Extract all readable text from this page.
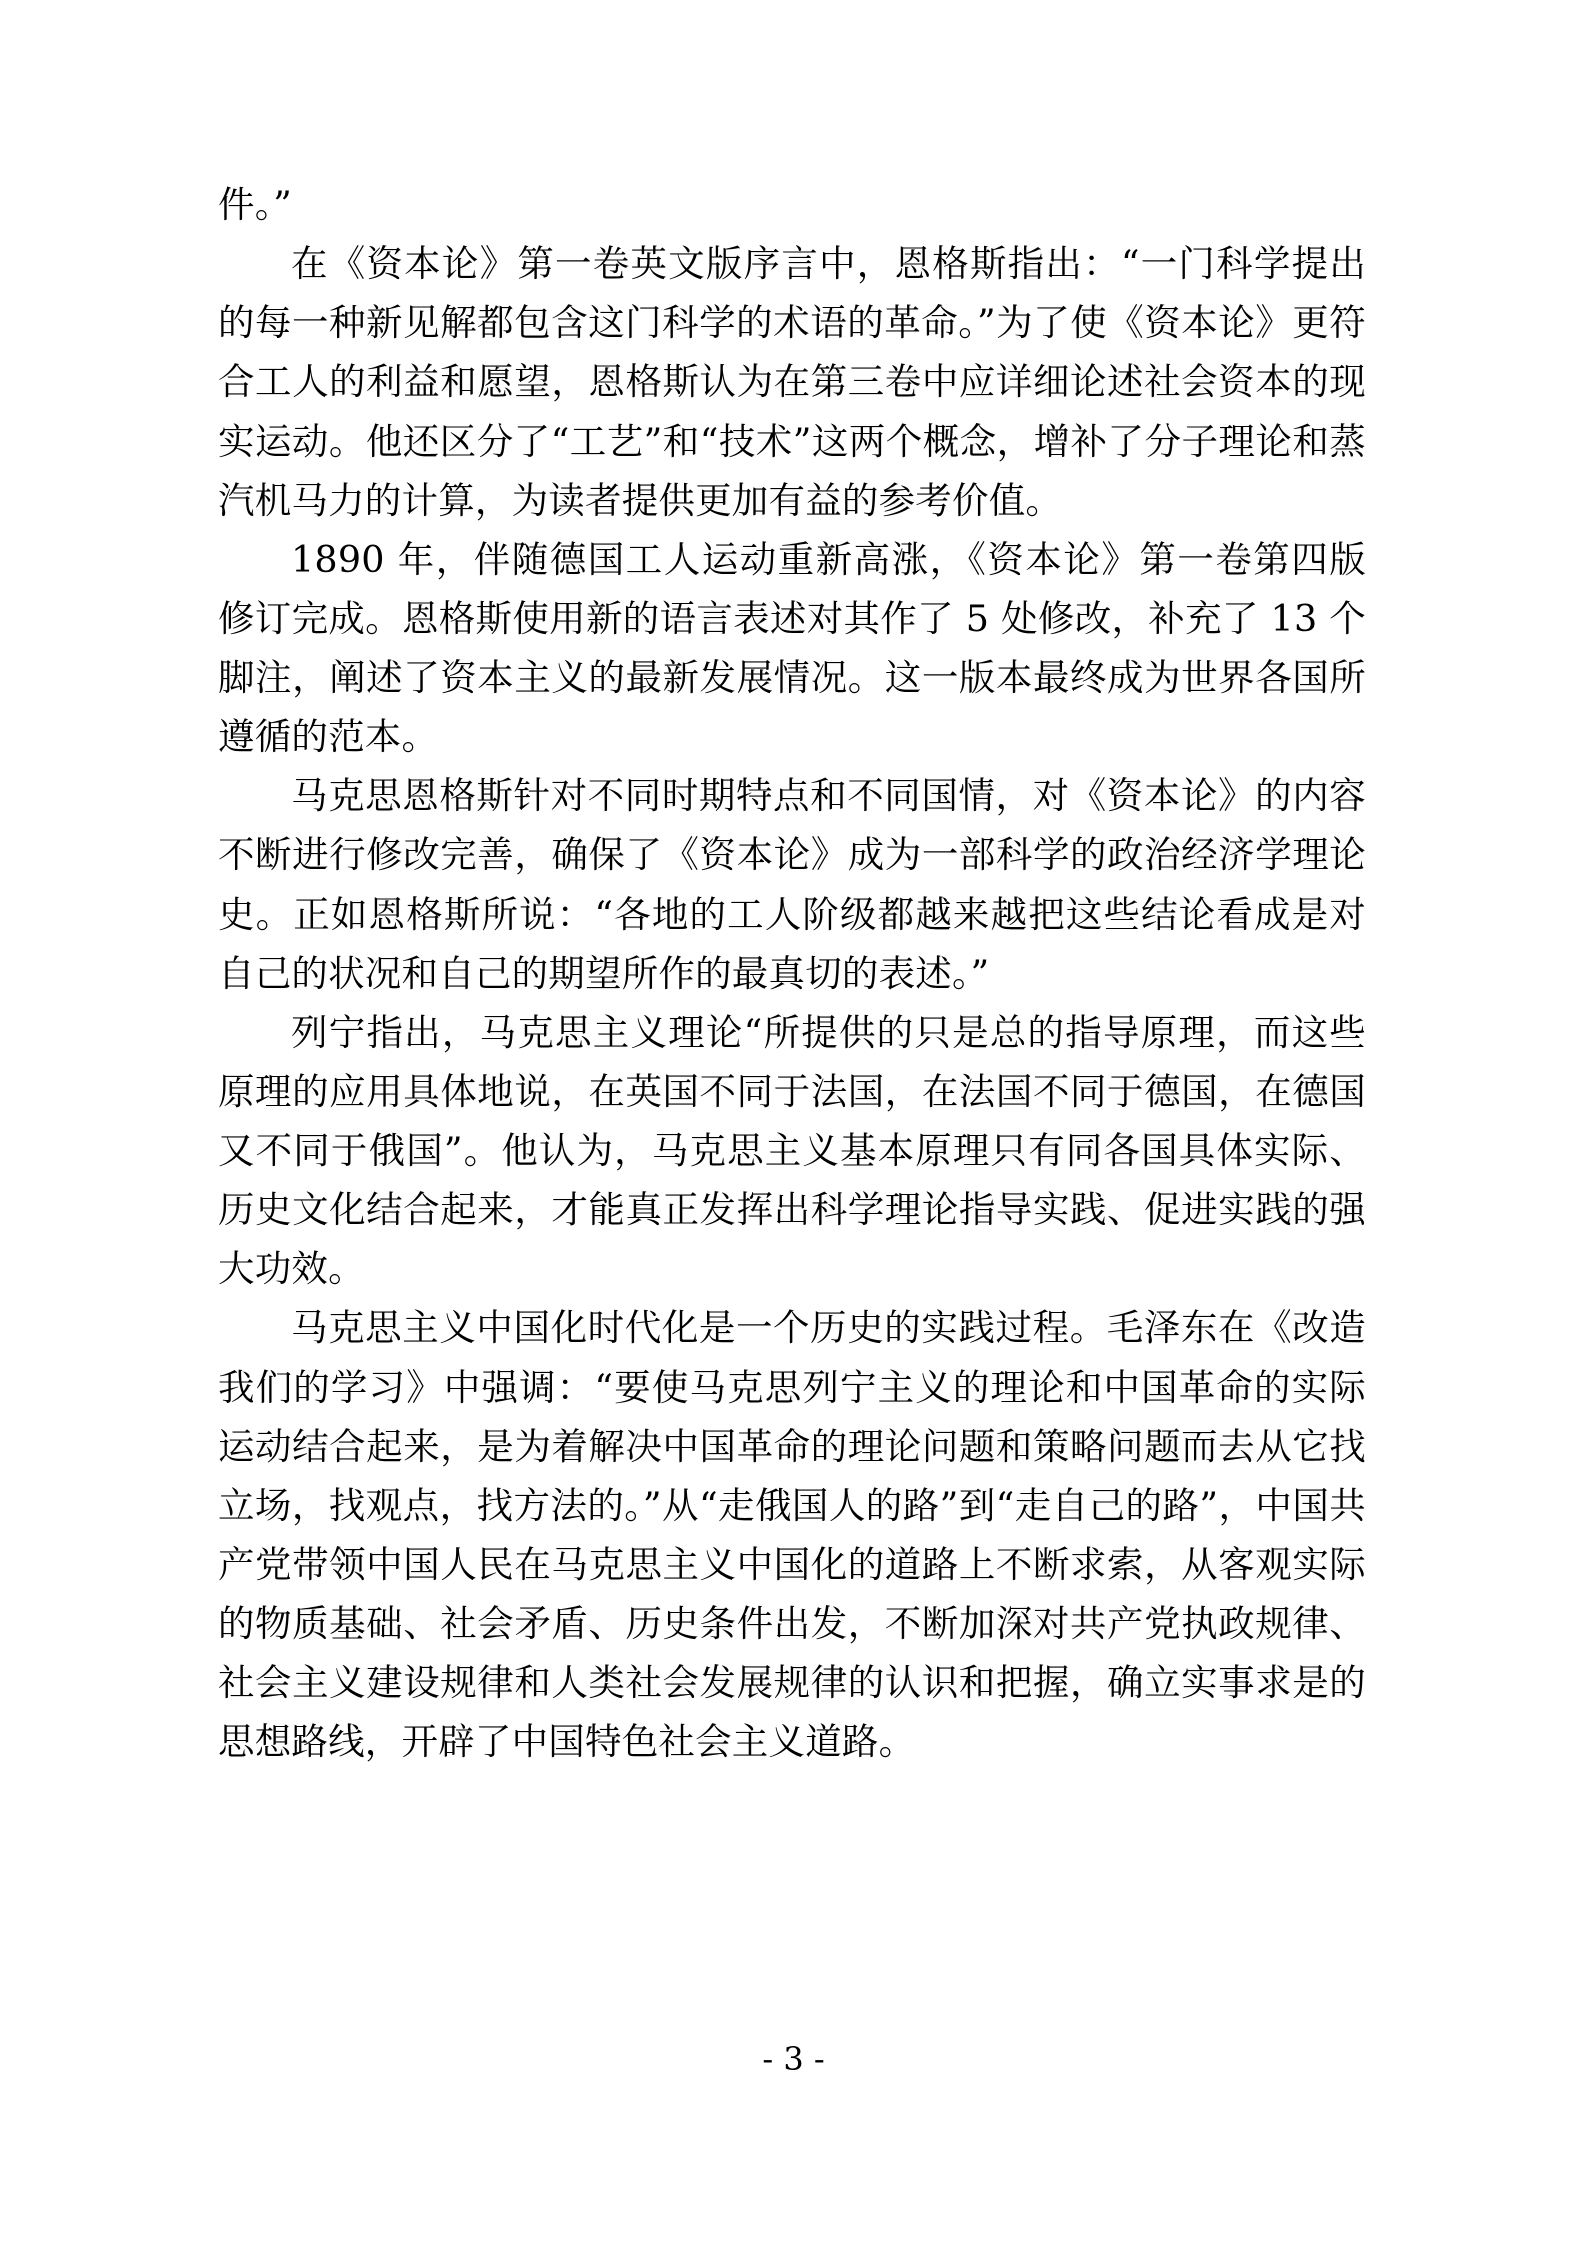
件。”

在《资本论》第一卷英文版序言中，恩格斯指出：“一门科学提出的每一种新见解都包含这门科学的术语的革命。”为了使《资本论》更符合工人的利益和愿望，恩格斯认为在第三卷中应详细论述社会资本的现实运动。他还区分了“工艺”和“技术”这两个概念，增补了分子理论和蒸汽机马力的计算，为读者提供更加有益的参考价值。

1890 年，伴随德国工人运动重新高涨，《资本论》第一卷第四版修订完成。恩格斯使用新的语言表述对其作了 5 处修改，补充了 13 个脚注，阐述了资本主义的最新发展情况。这一版本最终成为世界各国所遵循的范本。

马克思恩格斯针对不同时期特点和不同国情，对《资本论》的内容不断进行修改完善，确保了《资本论》成为一部科学的政治经济学理论史。正如恩格斯所说：“各地的工人阶级都越来越把这些结论看成是对自己的状况和自己的期望所作的最真切的表述。”

列宁指出，马克思主义理论“所提供的只是总的指导原理，而这些原理的应用具体地说，在英国不同于法国，在法国不同于德国，在德国又不同于俄国”。他认为，马克思主义基本原理只有同各国具体实际、历史文化结合起来，才能真正发挥出科学理论指导实践、促进实践的强大功效。

马克思主义中国化时代化是一个历史的实践过程。毛泽东在《改造我们的学习》中强调：“要使马克思列宁主义的理论和中国革命的实际运动结合起来，是为着解决中国革命的理论问题和策略问题而去从它找立场，找观点，找方法的。”从“走俄国人的路”到“走自己的路”，中国共产党带领中国人民在马克思主义中国化的道路上不断求索，从客观实际的物质基础、社会矛盾、历史条件出发，不断加深对共产党执政规律、社会主义建设规律和人类社会发展规律的认识和把握，确立实事求是的思想路线，开辟了中国特色社会主义道路。

- 3 -
